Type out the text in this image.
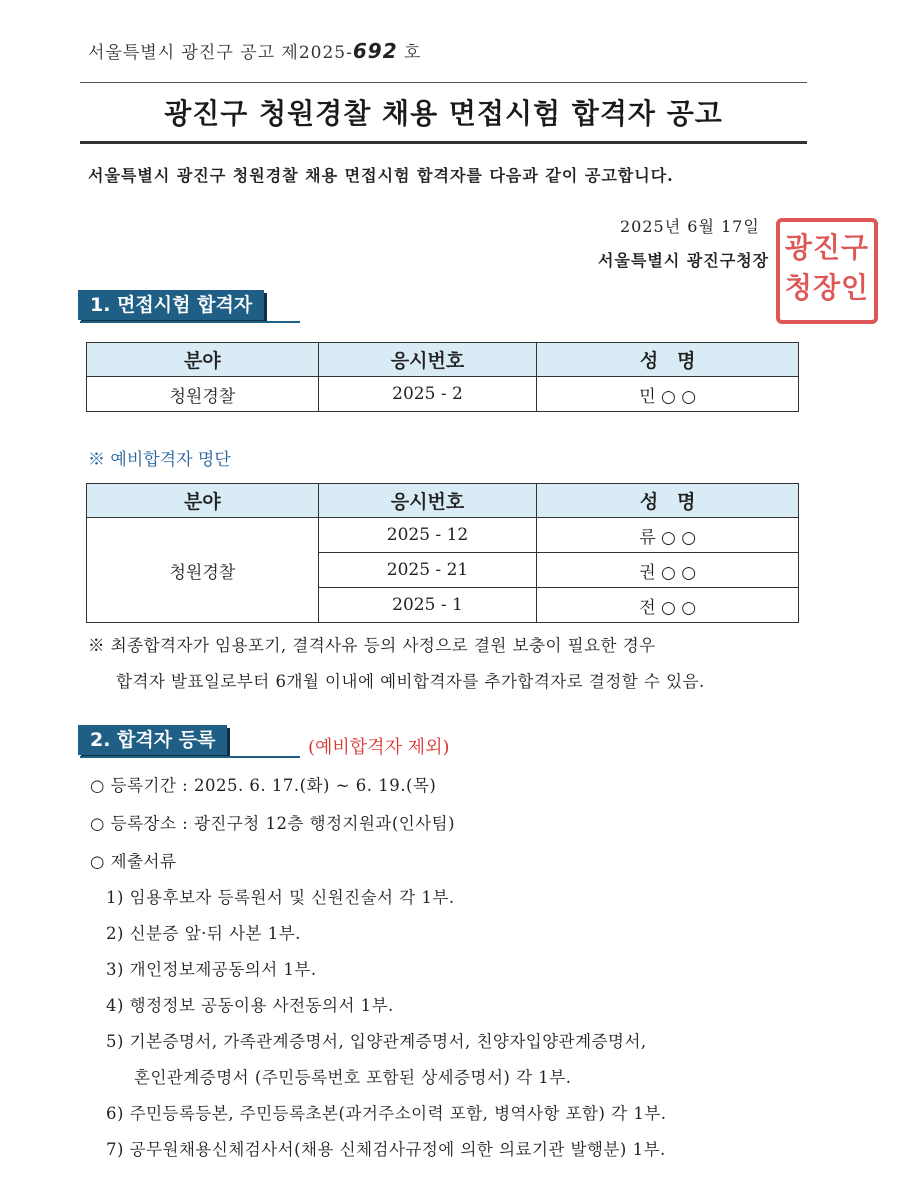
서울특별시 광진구 공고 제2025-692 호
광진구 청원경찰 채용 면접시험 합격자 공고
서울특별시 광진구 청원경찰 채용 면접시험 합격자를 다음과 같이 공고합니다.
2025년 6월 17일
서울특별시 광진구청장 광진구
청장인
1. 면접시험 합격자
분야	응시번호	성　명
청원경찰	2025 - 2	민 ○ ○
※ 예비합격자 명단
분야	응시번호	성　명
청원경찰	2025 - 12	류 ○ ○
	2025 - 21	권 ○ ○
	2025 - 1	전 ○ ○
※ 최종합격자가 임용포기, 결격사유 등의 사정으로 결원 보충이 필요한 경우
합격자 발표일로부터 6개월 이내에 예비합격자를 추가합격자로 결정할 수 있음.
2. 합격자 등록	(예비합격자 제외)
○ 등록기간 : 2025. 6. 17.(화) ~ 6. 19.(목)
○ 등록장소 : 광진구청 12층 행정지원과(인사팀)
○ 제출서류
1) 임용후보자 등록원서 및 신원진술서 각 1부.
2) 신분증 앞·뒤 사본 1부.
3) 개인정보제공동의서 1부.
4) 행정정보 공동이용 사전동의서 1부.
5) 기본증명서, 가족관계증명서, 입양관계증명서, 친양자입양관계증명서,
혼인관계증명서 (주민등록번호 포함된 상세증명서) 각 1부.
6) 주민등록등본, 주민등록초본(과거주소이력 포함, 병역사항 포함) 각 1부.
7) 공무원채용신체검사서(채용 신체검사규정에 의한 의료기관 발행분) 1부.
